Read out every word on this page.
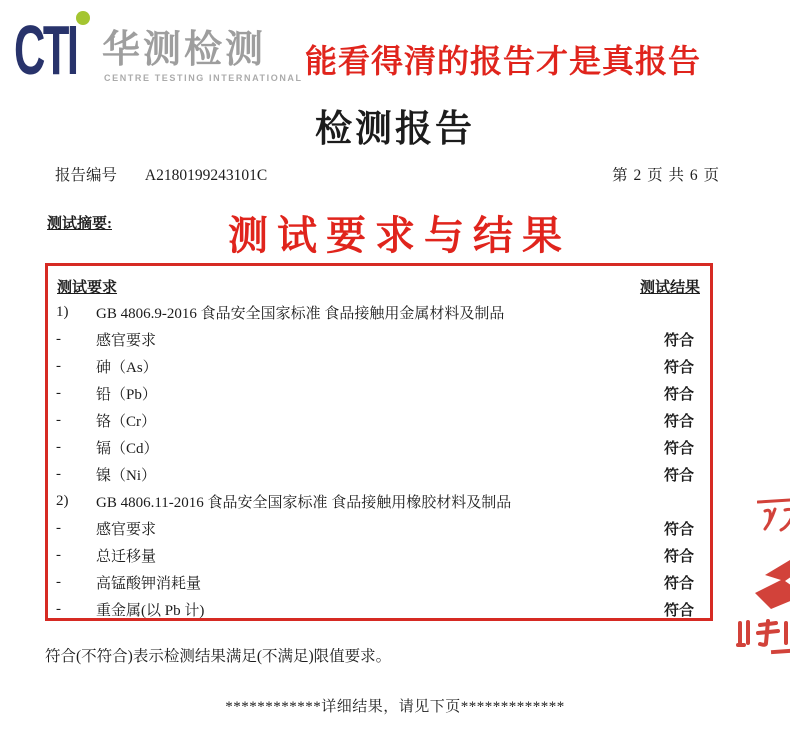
CTI 华测检测
CENTRE TESTING INTERNATIONAL 能看得清的报告才是真报告
检测报告
第 2 页 共 6 页
报告编号 A2180199243101C
测试摘要:	测试要求与结果
测试要求	测试结果
1)	GB 4806.9-2016 食品安全国家标准 食品接触用金属材料及制品
-	感官要求	符合
-	砷（As）	符合
-	铅（Pb）	符合
-	铬（Cr）	符合
-	镉（Cd）	符合
-	镍（Ni）	符合
2)	GB 4806.11-2016 食品安全国家标准 食品接触用橡胶材料及制品
-	感官要求	符合
-	总迁移量	符合
-	高锰酸钾消耗量	符合
-	重金属(以 Pb 计)	符合

符合(不符合)表示检测结果满足(不满足)限值要求。

************详细结果，请见下页*************
